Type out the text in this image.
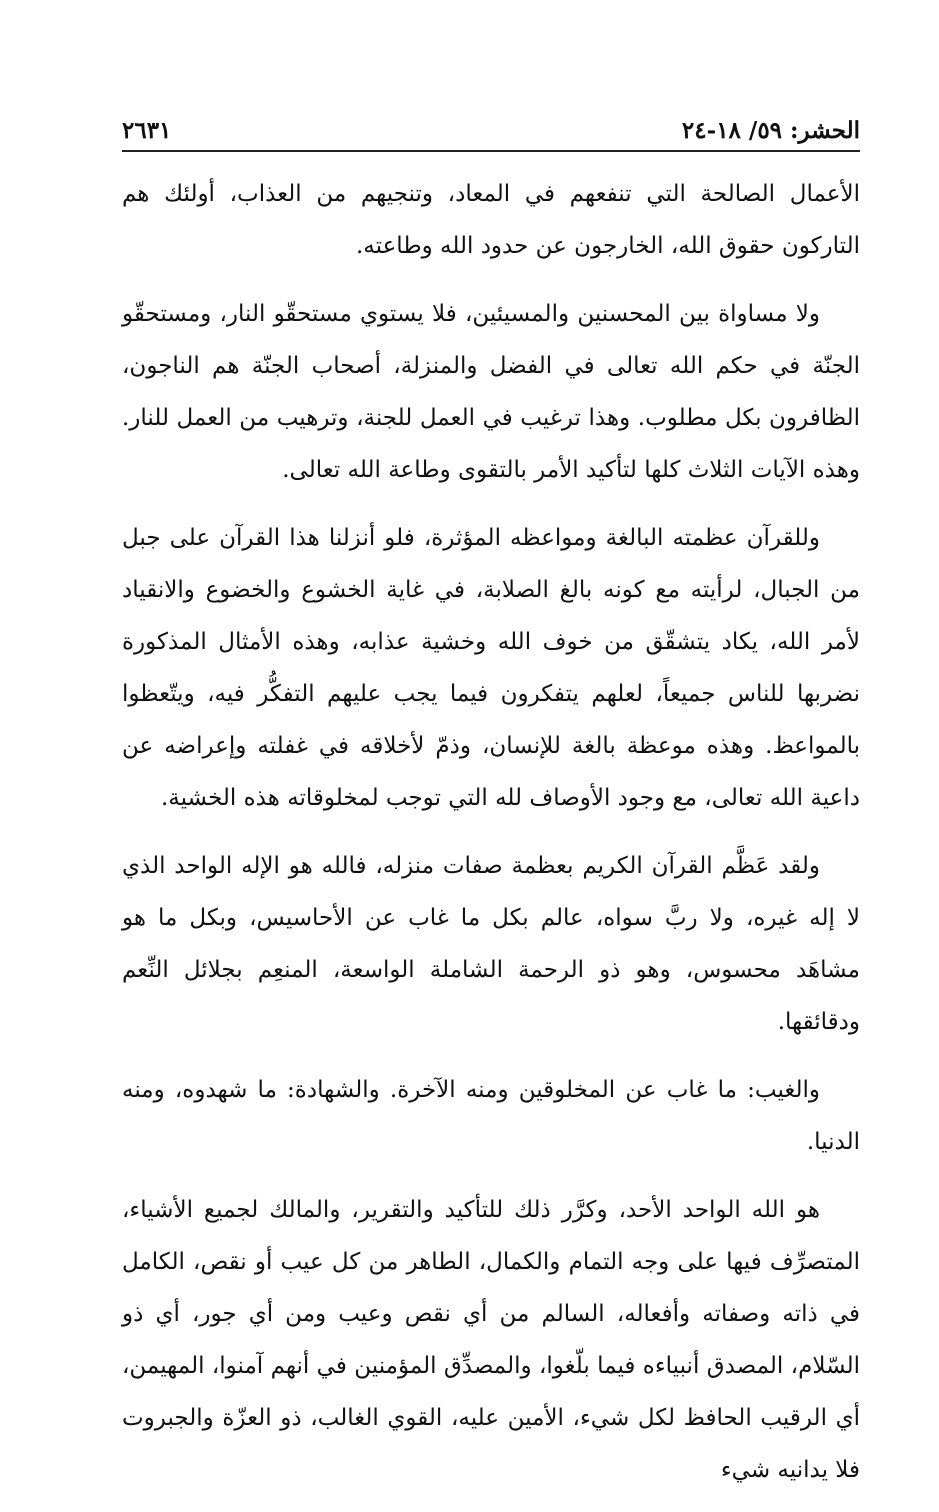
الحشر: ٥٩/ ١٨-٢٤
٢٦٣١

الأعمال الصالحة التي تنفعهم في المعاد، وتنجيهم من العذاب، أولئك هم التاركون حقوق الله، الخارجون عن حدود الله وطاعته.

ولا مساواة بين المحسنين والمسيئين، فلا يستوي مستحقّو النار، ومستحقّو الجنّة في حكم الله تعالى في الفضل والمنزلة، أصحاب الجنّة هم الناجون، الظافرون بكل مطلوب. وهذا ترغيب في العمل للجنة، وترهيب من العمل للنار. وهذه الآيات الثلاث كلها لتأكيد الأمر بالتقوى وطاعة الله تعالى.

وللقرآن عظمته البالغة ومواعظه المؤثرة، فلو أنزلنا هذا القرآن على جبل من الجبال، لرأيته مع كونه بالغ الصلابة، في غاية الخشوع والخضوع والانقياد لأمر الله، يكاد يتشقّق من خوف الله وخشية عذابه، وهذه الأمثال المذكورة نضربها للناس جميعاً، لعلهم يتفكرون فيما يجب عليهم التفكُّر فيه، ويتّعظوا بالمواعظ. وهذه موعظة بالغة للإنسان، وذمّ لأخلاقه في غفلته وإعراضه عن داعية الله تعالى، مع وجود الأوصاف لله التي توجب لمخلوقاته هذه الخشية.

ولقد عَظَّم القرآن الكريم بعظمة صفات منزله، فالله هو الإله الواحد الذي لا إله غيره، ولا ربَّ سواه، عالم بكل ما غاب عن الأحاسيس، وبكل ما هو مشاهَد محسوس، وهو ذو الرحمة الشاملة الواسعة، المنعِم بجلائل النِّعم ودقائقها.

والغيب: ما غاب عن المخلوقين ومنه الآخرة. والشهادة: ما شهدوه، ومنه الدنيا.

هو الله الواحد الأحد، وكرَّر ذلك للتأكيد والتقرير، والمالك لجميع الأشياء، المتصرِّف فيها على وجه التمام والكمال، الطاهر من كل عيب أو نقص، الكامل في ذاته وصفاته وأفعاله، السالم من أي نقص وعيب ومن أي جور، أي ذو السّلام، المصدق أنبياءه فيما بلّغوا، والمصدِّق المؤمنين في أنهم آمنوا، المهيمن، أي الرقيب الحافظ لكل شيء، الأمين عليه، القوي الغالب، ذو العزّة والجبروت فلا يدانيه شيء
